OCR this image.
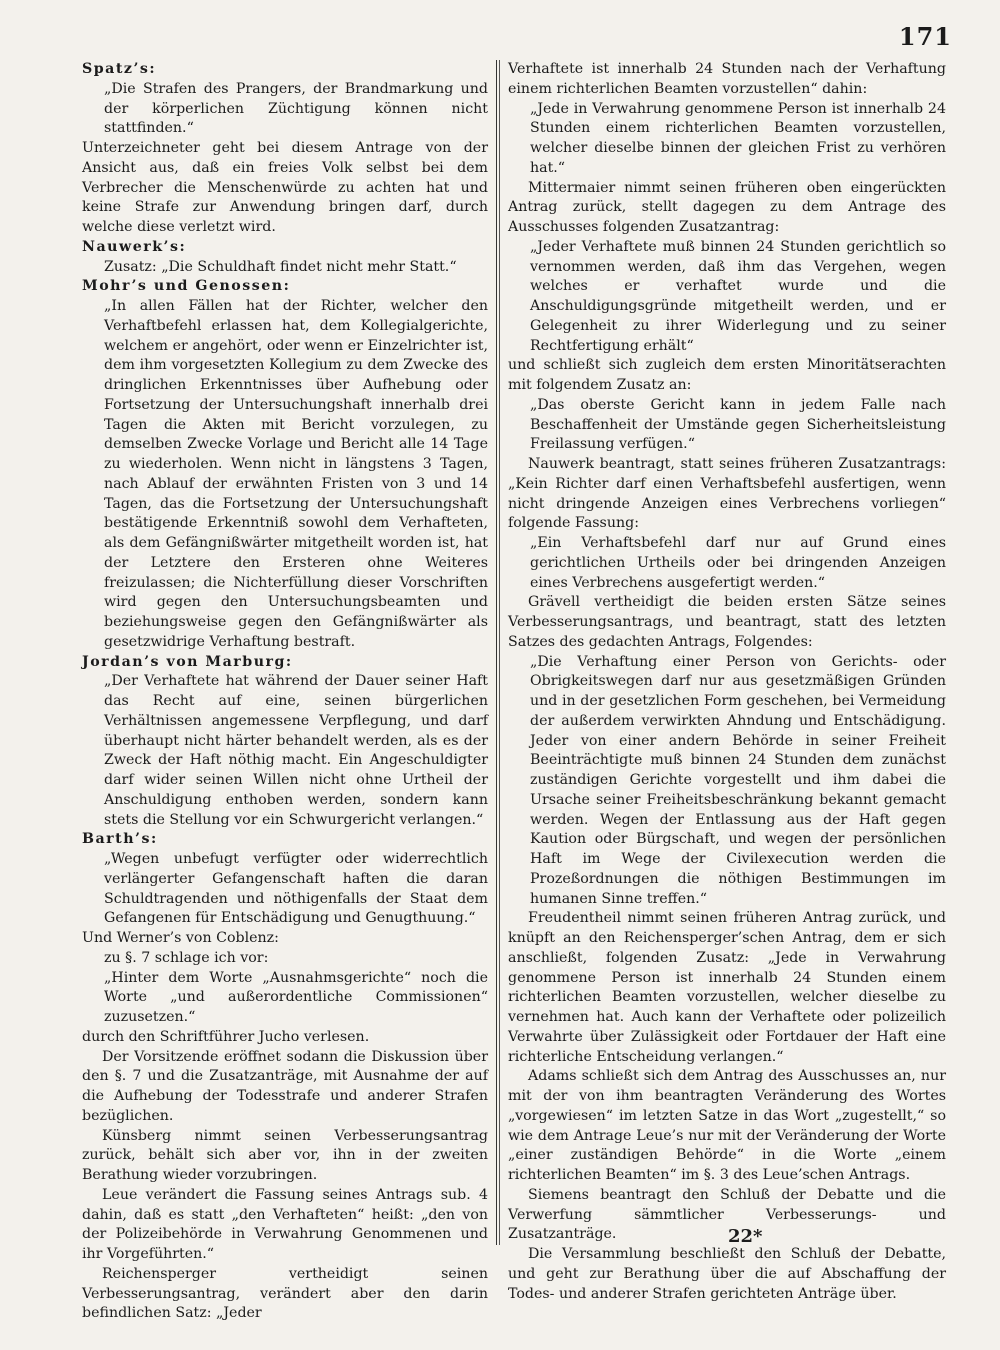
171

Spatz’s:

„Die Strafen des Prangers, der Brandmarkung und der körperlichen Züchtigung können nicht stattfinden.“

Unterzeichneter geht bei diesem Antrage von der Ansicht aus, daß ein freies Volk selbst bei dem Verbrecher die Menschenwürde zu achten hat und keine Strafe zur Anwendung bringen darf, durch welche diese verletzt wird.

Nauwerk’s:

Zusatz: „Die Schuldhaft findet nicht mehr Statt.“

Mohr’s und Genossen:

„In allen Fällen hat der Richter, welcher den Verhaftbefehl erlassen hat, dem Kollegialgerichte, welchem er angehört, oder wenn er Einzelrichter ist, dem ihm vorgesetzten Kollegium zu dem Zwecke des dringlichen Erkenntnisses über Aufhebung oder Fortsetzung der Untersuchungshaft innerhalb drei Tagen die Akten mit Bericht vorzulegen, zu demselben Zwecke Vorlage und Bericht alle 14 Tage zu wiederholen. Wenn nicht in längstens 3 Tagen, nach Ablauf der erwähnten Fristen von 3 und 14 Tagen, das die Fortsetzung der Untersuchungshaft bestätigende Erkenntniß sowohl dem Verhafteten, als dem Gefängnißwärter mitgetheilt worden ist, hat der Letztere den Ersteren ohne Weiteres freizulassen; die Nichterfüllung dieser Vorschriften wird gegen den Untersuchungsbeamten und beziehungsweise gegen den Gefängnißwärter als gesetzwidrige Verhaftung bestraft.

Jordan’s von Marburg:

„Der Verhaftete hat während der Dauer seiner Haft das Recht auf eine, seinen bürgerlichen Verhältnissen angemessene Verpflegung, und darf überhaupt nicht härter behandelt werden, als es der Zweck der Haft nöthig macht. Ein Angeschuldigter darf wider seinen Willen nicht ohne Urtheil der Anschuldigung enthoben werden, sondern kann stets die Stellung vor ein Schwurgericht verlangen.“

Barth’s:

„Wegen unbefugt verfügter oder widerrechtlich verlängerter Gefangenschaft haften die daran Schuldtragenden und nöthigenfalls der Staat dem Gefangenen für Entschädigung und Genugthuung.“

Und Werner’s von Coblenz:

zu §. 7 schlage ich vor:

„Hinter dem Worte „Ausnahmsgerichte“ noch die Worte „und außerordentliche Commissionen“ zuzusetzen.“

durch den Schriftführer Jucho verlesen.

Der Vorsitzende eröffnet sodann die Diskussion über den §. 7 und die Zusatzanträge, mit Ausnahme der auf die Aufhebung der Todesstrafe und anderer Strafen bezüglichen.

Künsberg nimmt seinen Verbesserungsantrag zurück, behält sich aber vor, ihn in der zweiten Berathung wieder vorzubringen.

Leue verändert die Fassung seines Antrags sub. 4 dahin, daß es statt „den Verhafteten“ heißt: „den von der Polizeibehörde in Verwahrung Genommenen und ihr Vorgeführten.“

Reichensperger vertheidigt seinen Verbesserungsantrag, verändert aber den darin befindlichen Satz: „Jeder

Verhaftete ist innerhalb 24 Stunden nach der Verhaftung einem richterlichen Beamten vorzustellen“ dahin:

„Jede in Verwahrung genommene Person ist innerhalb 24 Stunden einem richterlichen Beamten vorzustellen, welcher dieselbe binnen der gleichen Frist zu verhören hat.“

Mittermaier nimmt seinen früheren oben eingerückten Antrag zurück, stellt dagegen zu dem Antrage des Ausschusses folgenden Zusatzantrag:

„Jeder Verhaftete muß binnen 24 Stunden gerichtlich so vernommen werden, daß ihm das Vergehen, wegen welches er verhaftet wurde und die Anschuldigungsgründe mitgetheilt werden, und er Gelegenheit zu ihrer Widerlegung und zu seiner Rechtfertigung erhält“

und schließt sich zugleich dem ersten Minoritätserachten mit folgendem Zusatz an:

„Das oberste Gericht kann in jedem Falle nach Beschaffenheit der Umstände gegen Sicherheitsleistung Freilassung verfügen.“

Nauwerk beantragt, statt seines früheren Zusatzantrags: „Kein Richter darf einen Verhaftsbefehl ausfertigen, wenn nicht dringende Anzeigen eines Verbrechens vorliegen“ folgende Fassung:

„Ein Verhaftsbefehl darf nur auf Grund eines gerichtlichen Urtheils oder bei dringenden Anzeigen eines Verbrechens ausgefertigt werden.“

Grävell vertheidigt die beiden ersten Sätze seines Verbesserungsantrags, und beantragt, statt des letzten Satzes des gedachten Antrags, Folgendes:

„Die Verhaftung einer Person von Gerichts- oder Obrigkeitswegen darf nur aus gesetzmäßigen Gründen und in der gesetzlichen Form geschehen, bei Vermeidung der außerdem verwirkten Ahndung und Entschädigung. Jeder von einer andern Behörde in seiner Freiheit Beeinträchtigte muß binnen 24 Stunden dem zunächst zuständigen Gerichte vorgestellt und ihm dabei die Ursache seiner Freiheitsbeschränkung bekannt gemacht werden. Wegen der Entlassung aus der Haft gegen Kaution oder Bürgschaft, und wegen der persönlichen Haft im Wege der Civilexecution werden die Prozeßordnungen die nöthigen Bestimmungen im humanen Sinne treffen.“

Freudentheil nimmt seinen früheren Antrag zurück, und knüpft an den Reichensperger’schen Antrag, dem er sich anschließt, folgenden Zusatz: „Jede in Verwahrung genommene Person ist innerhalb 24 Stunden einem richterlichen Beamten vorzustellen, welcher dieselbe zu vernehmen hat. Auch kann der Verhaftete oder polizeilich Verwahrte über Zulässigkeit oder Fortdauer der Haft eine richterliche Entscheidung verlangen.“

Adams schließt sich dem Antrag des Ausschusses an, nur mit der von ihm beantragten Veränderung des Wortes „vorgewiesen“ im letzten Satze in das Wort „zugestellt,“ so wie dem Antrage Leue’s nur mit der Veränderung der Worte „einer zuständigen Behörde“ in die Worte „einem richterlichen Beamten“ im §. 3 des Leue’schen Antrags.

Siemens beantragt den Schluß der Debatte und die Verwerfung sämmtlicher Verbesserungs- und Zusatzanträge.

Die Versammlung beschließt den Schluß der Debatte, und geht zur Berathung über die auf Abschaffung der Todes- und anderer Strafen gerichteten Anträge über.

22*
